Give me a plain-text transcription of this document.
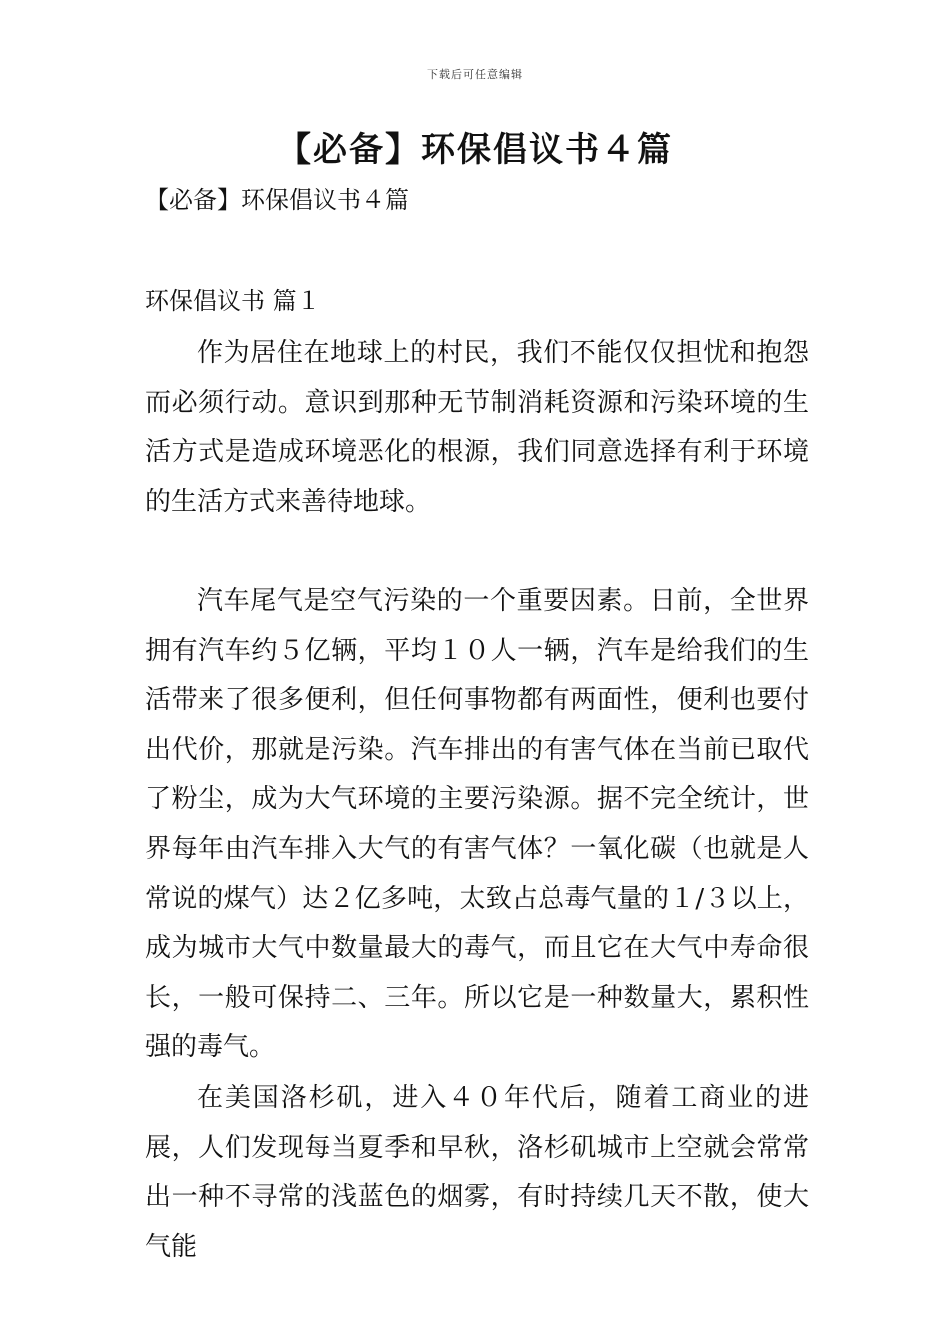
下载后可任意编辑
【必备】环保倡议书４篇
【必备】环保倡议书４篇
环保倡议书 篇１

作为居住在地球上的村民，我们不能仅仅担忧和抱怨而必须行动。意识到那种无节制消耗资源和污染环境的生活方式是造成环境恶化的根源，我们同意选择有利于环境的生活方式来善待地球。

汽车尾气是空气污染的一个重要因素。日前，全世界拥有汽车约５亿辆，平均１０人一辆，汽车是给我们的生活带来了很多便利，但任何事物都有两面性，便利也要付出代价，那就是污染。汽车排出的有害气体在当前已取代了粉尘，成为大气环境的主要污染源。据不完全统计，世界每年由汽车排入大气的有害气体？一氧化碳（也就是人常说的煤气）达２亿多吨，太致占总毒气量的１/３以上，成为城市大气中数量最大的毒气，而且它在大气中寿命很长，一般可保持二、三年。所以它是一种数量大，累积性强的毒气。

在美国洛杉矶，进入４０年代后，随着工商业的进展，人们发现每当夏季和早秋，洛杉矶城市上空就会常常出一种不寻常的浅蓝色的烟雾，有时持续几天不散，使大气能
